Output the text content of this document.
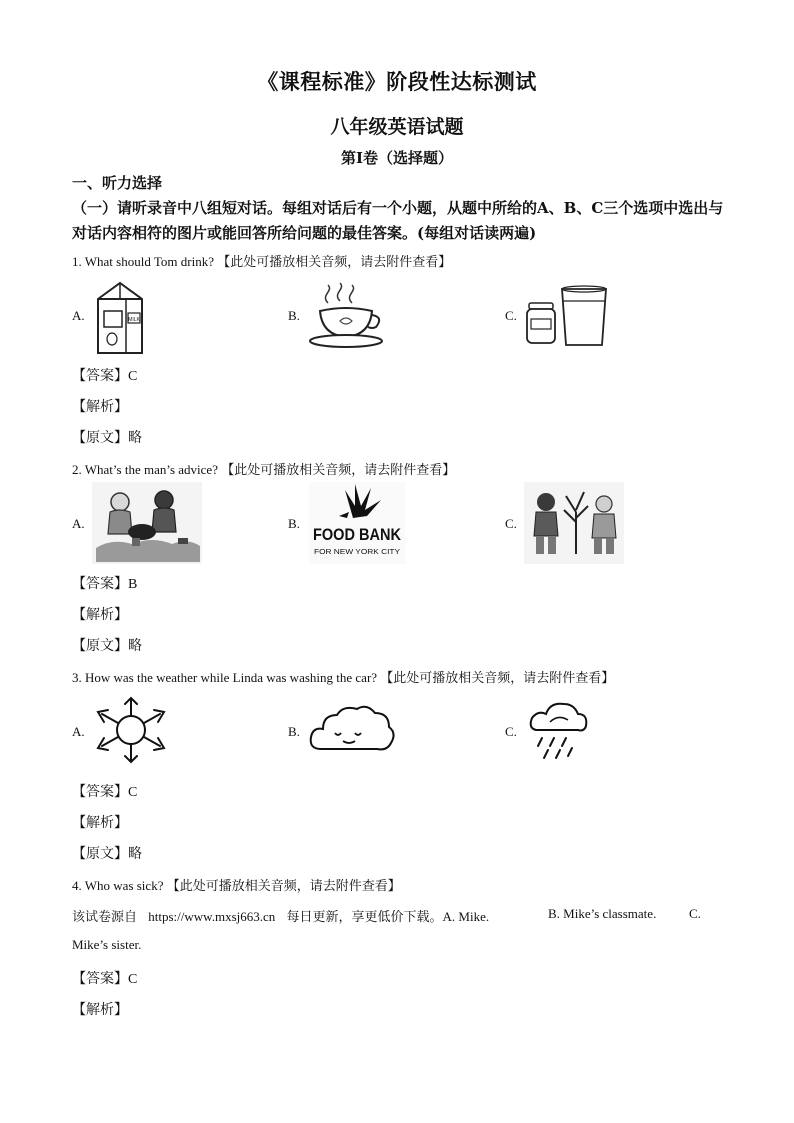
《课程标准》阶段性达标测试
八年级英语试题
第Ⅰ卷（选择题）
一、听力选择
（一）请听录音中八组短对话。每组对话后有一个小题，从题中所给的A、B、C三个选项中选出与对话内容相符的图片或能回答所给问题的最佳答案。(每组对话读两遍)
1. What should Tom drink? 【此处可播放相关音频，请去附件查看】
A.	MILK	B.	C.
【答案】C
【解析】
【原文】略
2. What’s the man’s advice? 【此处可播放相关音频，请去附件查看】
A.	B.
FOOD BANK
FOR NEW YORK CITY
C.
【答案】B
【解析】
【原文】略
3. How was the weather while Linda was washing the car? 【此处可播放相关音频，请去附件查看】
A.	B.	C.
【答案】C
【解析】
【原文】略
4. Who was sick? 【此处可播放相关音频，请去附件查看】
该试卷源自 https://www.mxsj663.cn 每日更新，享更低价下载。A. Mike.	B. Mike’s classmate.	C.
Mike’s sister.
【答案】C
【解析】
